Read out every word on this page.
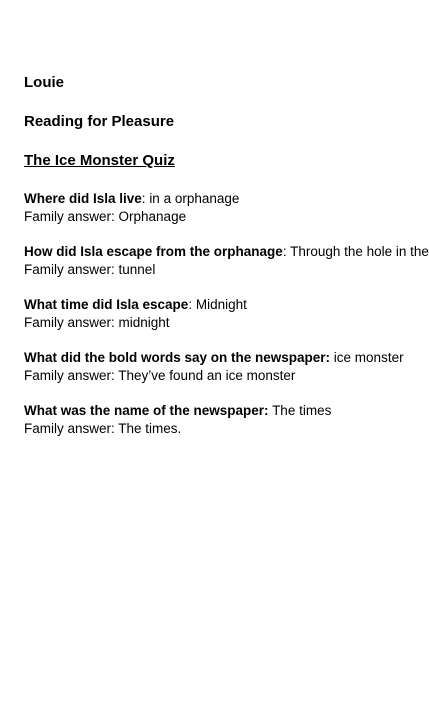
Louie
Reading for Pleasure
The Ice Monster Quiz
Where did Isla live: in a orphanage
Family answer: Orphanage
How did Isla escape from the orphanage: Through the hole in the
Family answer: tunnel
What time did Isla escape: Midnight
Family answer: midnight
What did the bold words say on the newspaper: ice monster
Family answer: They’ve found an ice monster
What was the name of the newspaper: The times
Family answer: The times.
